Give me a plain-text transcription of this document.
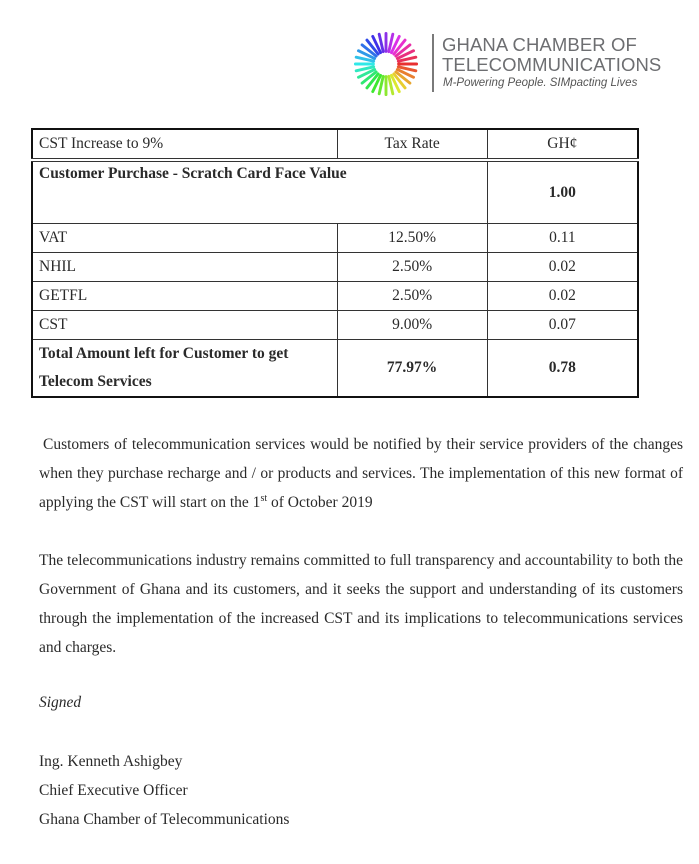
GHANA CHAMBER OF
TELECOMMUNICATIONS
M-Powering People. SIMpacting Lives
CST Increase to 9%	Tax Rate	GH¢
Customer Purchase - Scratch Card Face Value		1.00
VAT	12.50%	0.11
NHIL	2.50%	0.02
GETFL	2.50%	0.02
CST	9.00%	0.07
Total Amount left for Customer to get
Telecom Services	77.97%	0.78
Customers of telecommunication services would be notified by their service providers of the changes when they purchase recharge and / or products and services. The implementation of this new format of applying the CST will start on the 1st of October 2019
The telecommunications industry remains committed to full transparency and accountability to both the Government of Ghana and its customers, and it seeks the support and understanding of its customers through the implementation of the increased CST and its implications to telecommunications services and charges.
Signed
Ing. Kenneth Ashigbey
Chief Executive Officer
Ghana Chamber of Telecommunications
